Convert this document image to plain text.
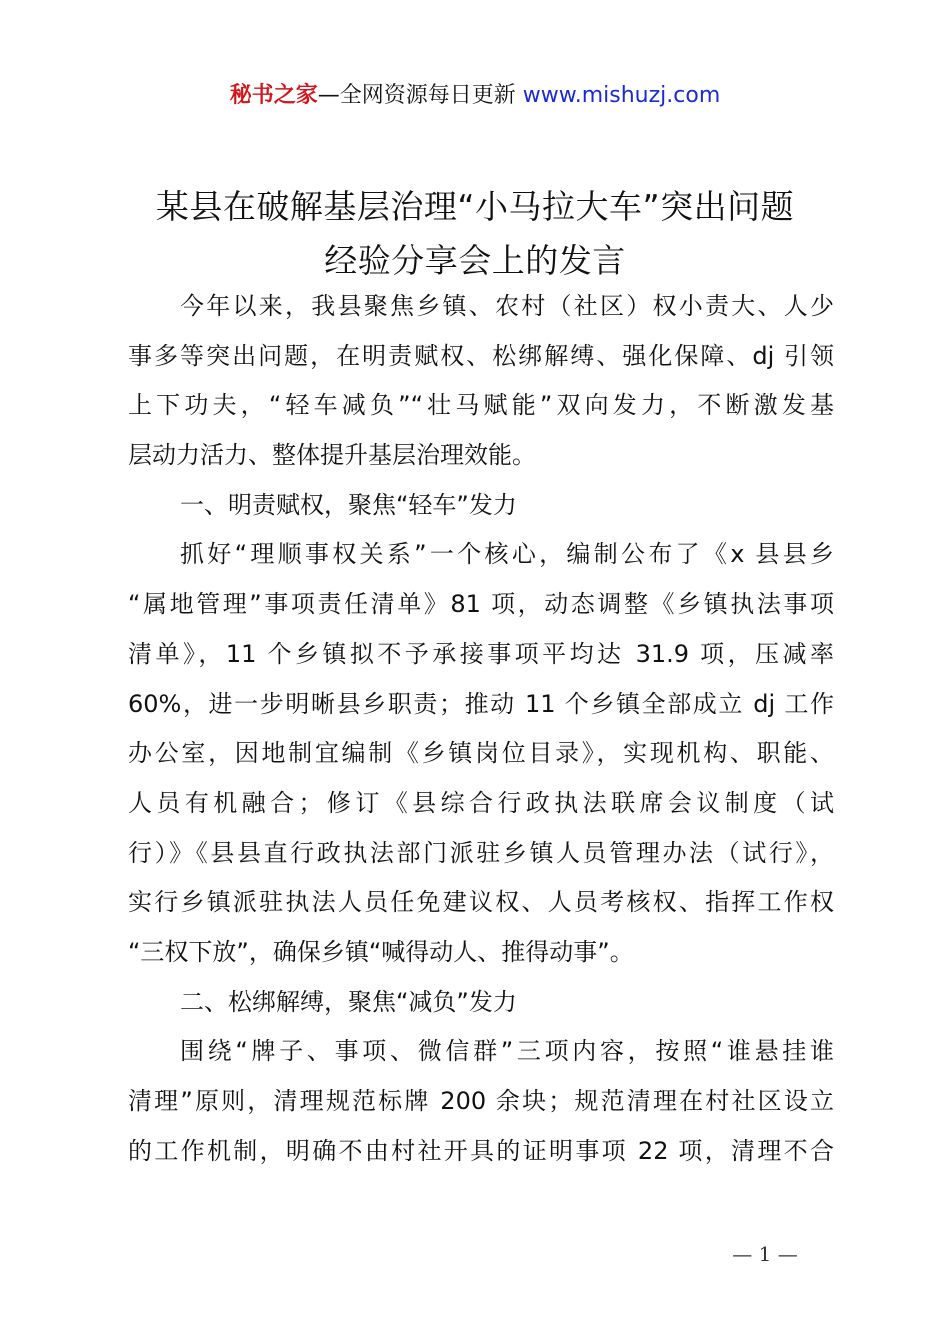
秘书之家—全网资源每日更新 www.mishuzj.com
某县在破解基层治理“小马拉大车”突出问题
经验分享会上的发言
今年以来，我县聚焦乡镇、农村（社区）权小责大、人少
事多等突出问题，在明责赋权、松绑解缚、强化保障、dj 引领
上下功夫，“轻车减负”“壮马赋能”双向发力，不断激发基
层动力活力、整体提升基层治理效能。
一、明责赋权，聚焦“轻车”发力
抓好“理顺事权关系”一个核心，编制公布了《x 县县乡
“属地管理”事项责任清单》81 项，动态调整《乡镇执法事项
清单》，11 个乡镇拟不予承接事项平均达 31.9 项，压减率
60%，进一步明晰县乡职责；推动 11 个乡镇全部成立 dj 工作
办公室，因地制宜编制《乡镇岗位目录》，实现机构、职能、
人员有机融合；修订《县综合行政执法联席会议制度（试
行）》《县县直行政执法部门派驻乡镇人员管理办法（试行》，
实行乡镇派驻执法人员任免建议权、人员考核权、指挥工作权
“三权下放”，确保乡镇“喊得动人、推得动事”。
二、松绑解缚，聚焦“减负”发力
围绕“牌子、事项、微信群”三项内容，按照“谁悬挂谁
清理”原则，清理规范标牌 200 余块；规范清理在村社区设立
的工作机制，明确不由村社开具的证明事项 22 项，清理不合
— 1 —
